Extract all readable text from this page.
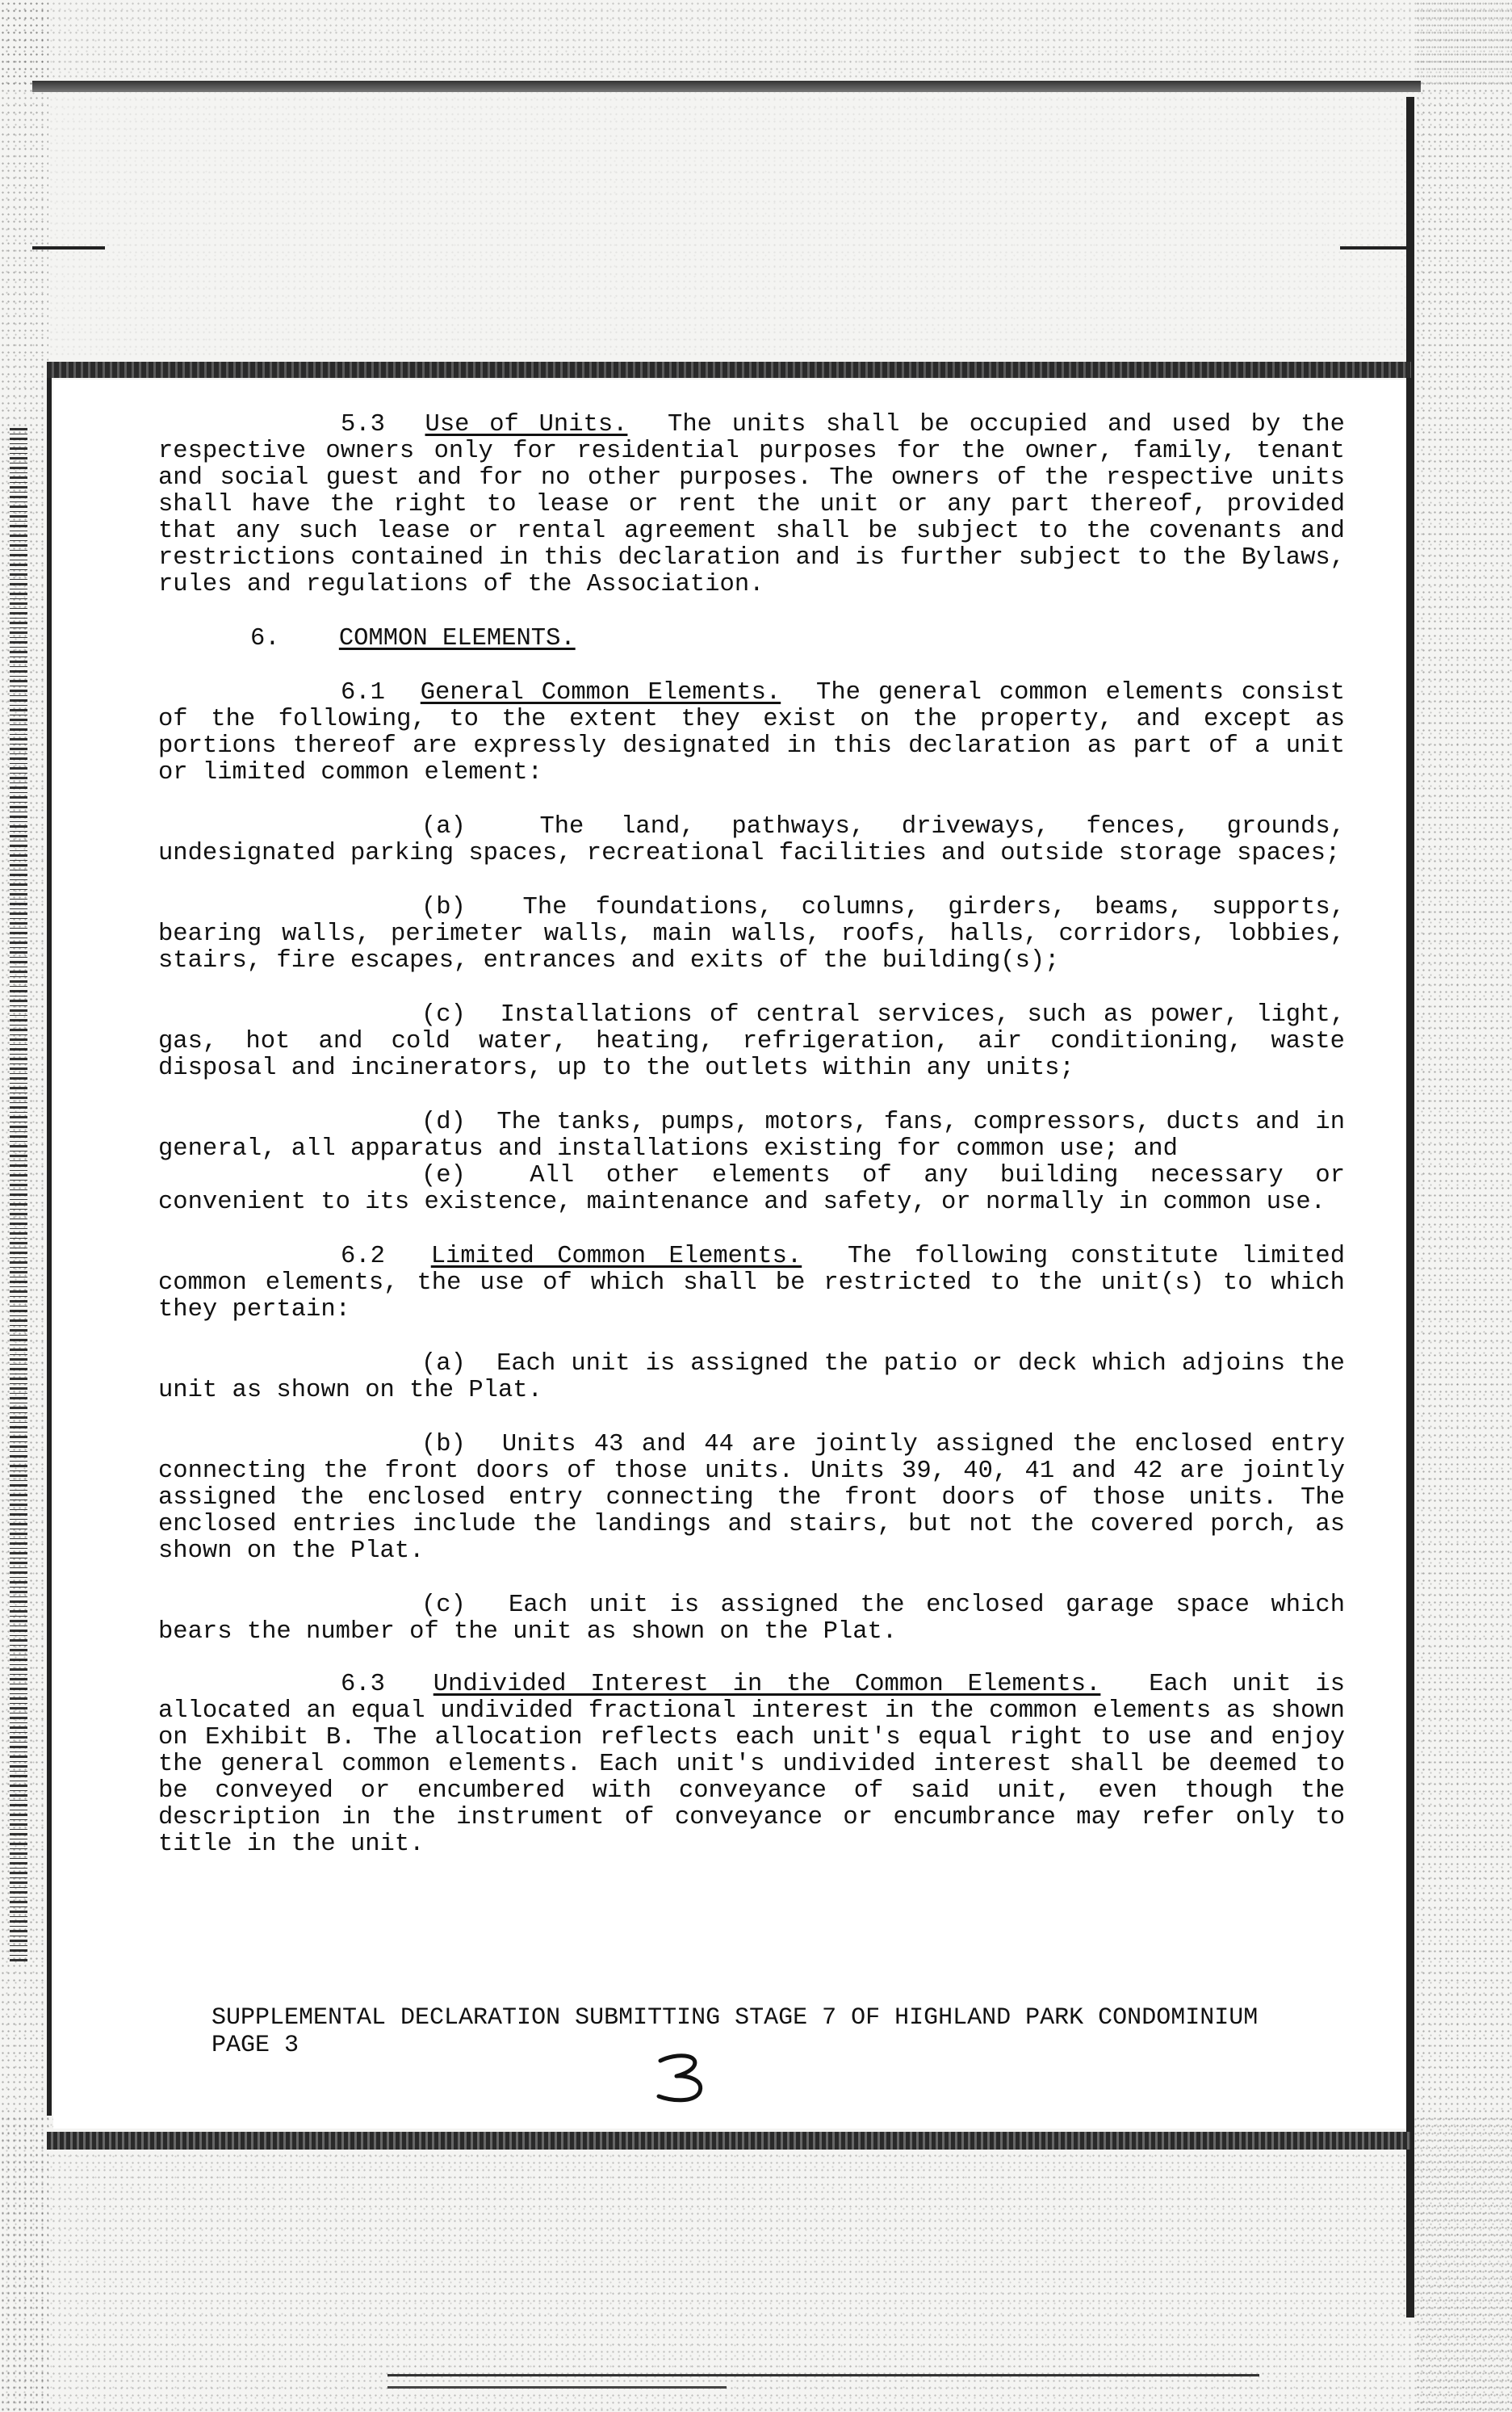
5.3 Use of Units. The units shall be occupied and used by the respective owners only for residential purposes for the owner, family, tenant and social guest and for no other purposes. The owners of the respective units shall have the right to lease or rent the unit or any part thereof, provided that any such lease or rental agreement shall be subject to the covenants and restrictions contained in this declaration and is further subject to the Bylaws, rules and regulations of the Association.

6. COMMON ELEMENTS.

6.1 General Common Elements. The general common elements consist of the following, to the extent they exist on the property, and except as portions thereof are expressly designated in this declaration as part of a unit or limited common element:

(a)	The land, pathways, driveways, fences, grounds, undesignated parking spaces, recreational facilities and outside storage spaces;

(b) The foundations, columns, girders, beams, supports, bearing walls, perimeter walls, main walls, roofs, halls, corridors, lobbies, stairs, fire escapes, entrances and exits of the building(s);

(c) Installations of central services, such as power, light, gas, hot and cold water, heating, refrigeration, air conditioning, waste disposal and incinerators, up to the outlets within any units;

(d) The tanks, pumps, motors, fans, compressors, ducts and in general, all apparatus and installations existing for common use; and

(e)	All other elements of any building necessary or convenient to its existence, maintenance and safety, or normally in common use.

6.2 Limited Common Elements. The following constitute limited common elements, the use of which shall be restricted to the unit(s) to which they pertain:

(a) Each unit is assigned the patio or deck which adjoins the unit as shown on the Plat.

(b) Units 43 and 44 are jointly assigned the enclosed entry connecting the front doors of those units. Units 39, 40, 41 and 42 are jointly assigned the enclosed entry connecting the front doors of those units. The enclosed entries include the landings and stairs, but not the covered porch, as shown on the Plat.

(c) Each unit is assigned the enclosed garage space which bears the number of the unit as shown on the Plat.

6.3 Undivided Interest in the Common Elements. Each unit is allocated an equal undivided fractional interest in the common elements as shown on Exhibit B. The allocation reflects each unit's equal right to use and enjoy the general common elements. Each unit's undivided interest shall be deemed to be conveyed or encumbered with conveyance of said unit, even though the description in the instrument of conveyance or encumbrance may refer only to title in the unit.

SUPPLEMENTAL DECLARATION SUBMITTING STAGE 7 OF HIGHLAND PARK CONDOMINIUM
PAGE 3
